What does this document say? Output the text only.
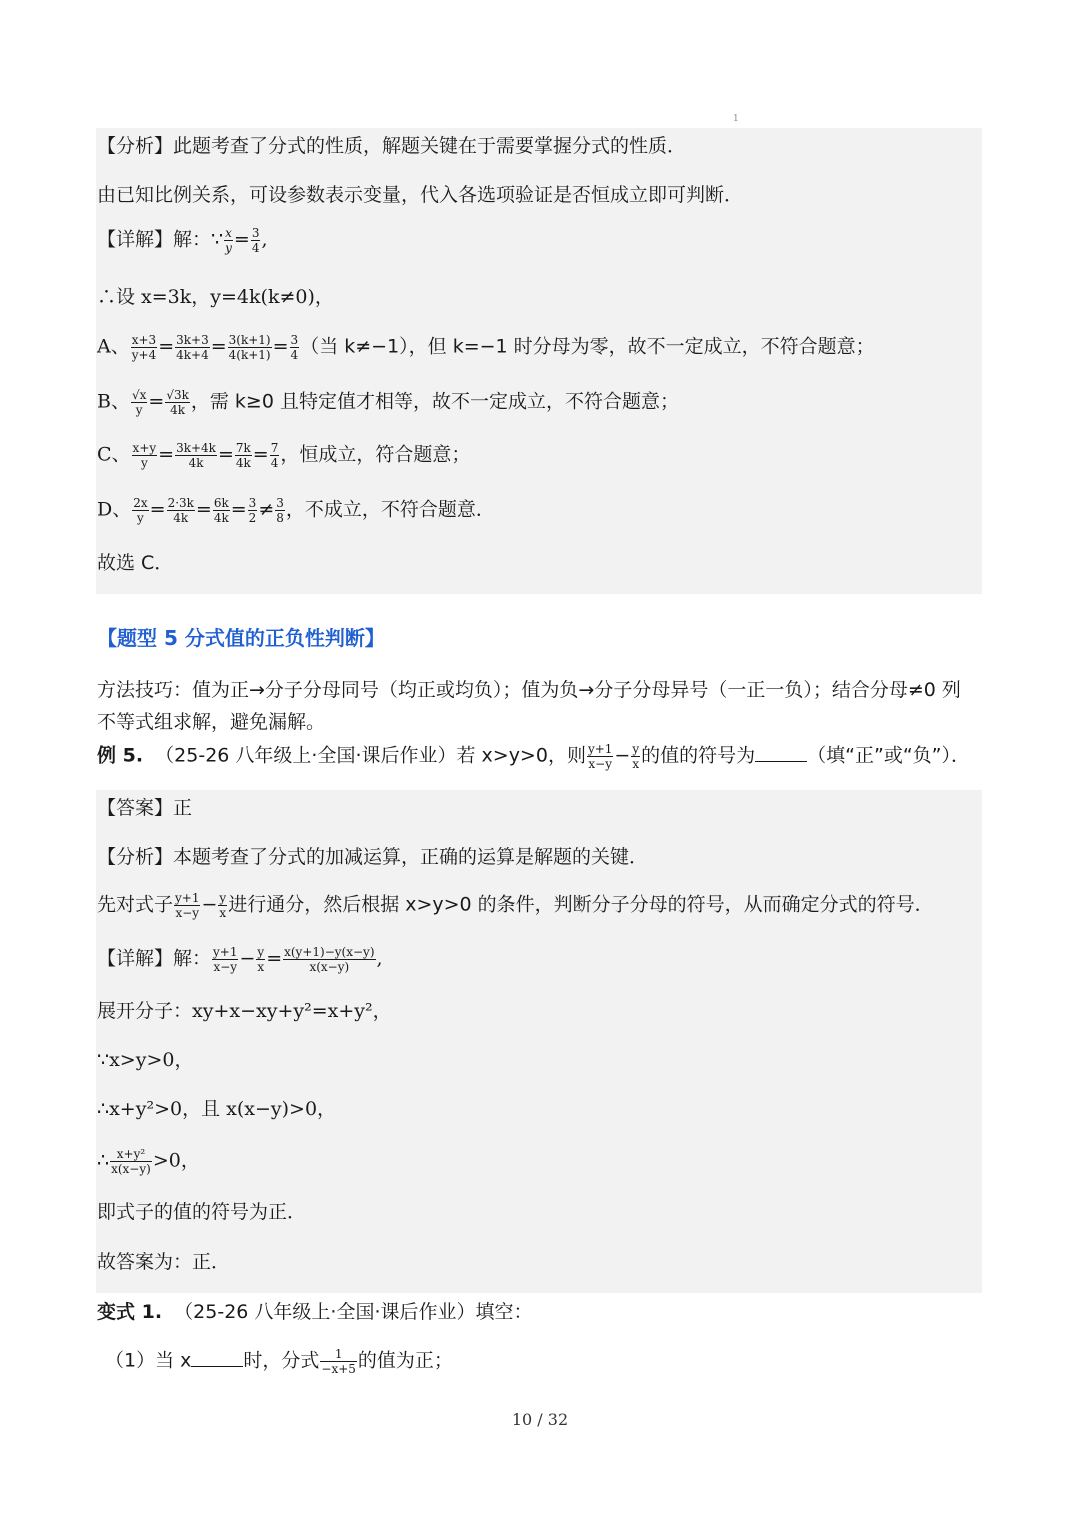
1
【分析】此题考查了分式的性质，解题关键在于需要掌握分式的性质．
由已知比例关系，可设参数表示变量，代入各选项验证是否恒成立即可判断．
【详解】解：∵ $\frac{x}{y} = \frac{3}{4}$ ,
∴设 x=3k，y=4k(k≠0)，
A、 $\frac{x+3}{y+4} = \frac{3k+3}{4k+4} = \frac{3(k+1)}{4(k+1)} = \frac{3}{4}$ （当 k≠−1），但 k=−1 时分母为零，故不一定成立，不符合题意；
B、 $\frac{√x}{y} = \frac{√3k}{4k}$ ，需 k≥0 且特定值才相等，故不一定成立，不符合题意；
C、 $\frac{x+y}{y} = \frac{3k+4k}{4k} = \frac{7k}{4k} = \frac{7}{4}$ ，恒成立，符合题意；
D、 $\frac{2x}{y} = \frac{2\cdot 3k}{4k} = \frac{6k}{4k} = \frac{3}{2} \ne \frac{3}{8}$ ，不成立，不符合题意．
故选 C．
【题型 5 分式值的正负性判断】
方法技巧：值为正→分子分母同号（均正或均负）；值为负→分子分母异号（一正一负）；结合分母≠0 列
不等式组求解，避免漏解。
例 5. （25-26 八年级上·全国·课后作业）若 x>y>0，则 $\frac{y+1}{x-y} - \frac{y}{x}$ 的值的符号为	（填“正”或“负”）．
【答案】正
【分析】本题考查了分式的加减运算，正确的运算是解题的关键．
先对式子 $\frac{y+1}{x-y} - \frac{y}{x}$ 进行通分，然后根据 x>y>0 的条件，判断分子分母的符号，从而确定分式的符号．
【详解】解： $\frac{y+1}{x-y} - \frac{y}{x} = \frac{x(y+1)-y(x-y)}{x(x-y)}$ ,
展开分子：xy+x−xy+y²=x+y²，
∵x>y>0，
∴x+y²>0，且 x(x−y)>0，
∴ $\frac{\text{x+y²}}{x(x-y)} >0$，
即式子的值的符号为正．
故答案为：正．
变式 1. （25-26 八年级上·全国·课后作业）填空：
（1）当 x	时，分式 $\frac{1}{-x+5}$ 的值为正；
10 / 32
